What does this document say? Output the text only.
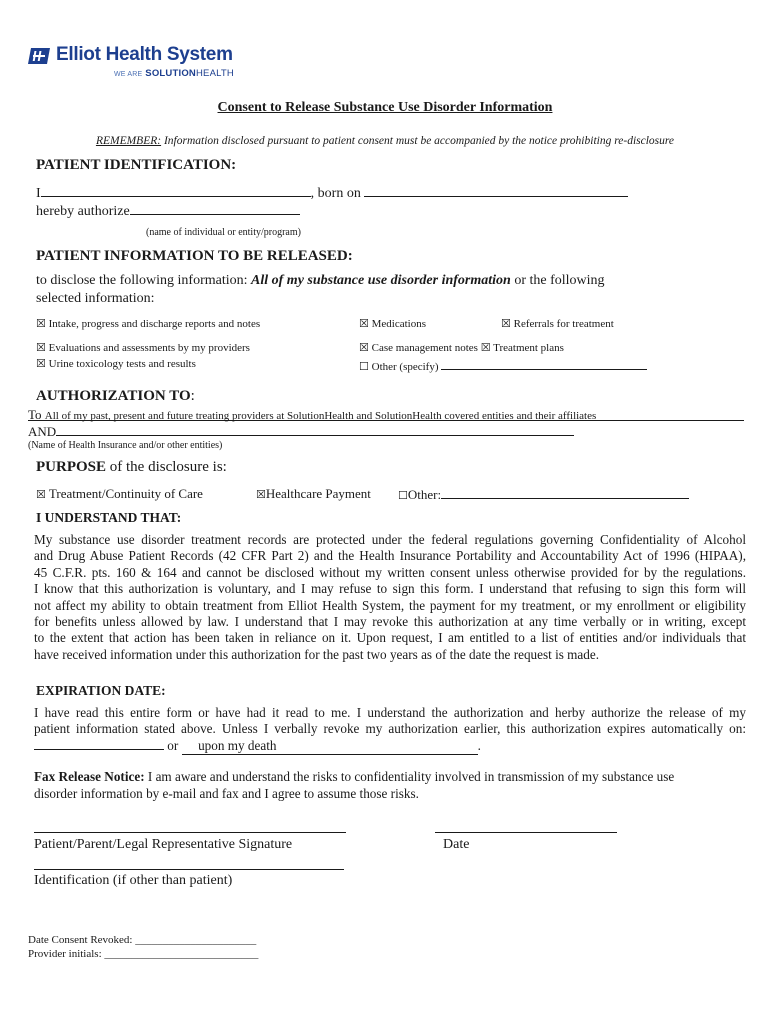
Elliot Health System
WE ARE SOLUTIONHEALTH
Consent to Release Substance Use Disorder Information
REMEMBER: Information disclosed pursuant to patient consent must be accompanied by the notice prohibiting re-disclosure
PATIENT IDENTIFICATION:
I	, born on
hereby authorize
(name of individual or entity/program)
PATIENT INFORMATION TO BE RELEASED:
to disclose the following information: All of my substance use disorder information or the following
selected information:
☒ Intake, progress and discharge reports and notes	☒ Medications	☒ Referrals for treatment
☒ Evaluations and assessments by my providers	☒ Case management notes ☒ Treatment plans
☒ Urine toxicology tests and results	☐ Other (specify)
AUTHORIZATION TO:
To All of my past, present and future treating providers at SolutionHealth and SolutionHealth covered entities and their affiliates
AND
(Name of Health Insurance and/or other entities)
PURPOSE of the disclosure is:
☒ Treatment/Continuity of Care	☒Healthcare Payment ☐Other:
I UNDERSTAND THAT:
My substance use disorder treatment records are protected under the federal regulations governing Confidentiality of Alcohol
and Drug Abuse Patient Records (42 CFR Part 2) and the Health Insurance Portability and Accountability Act of 1996 (HIPAA),
45 C.F.R. pts. 160 & 164 and cannot be disclosed without my written consent unless otherwise provided for by the regulations.
I know that this authorization is voluntary, and I may refuse to sign this form. I understand that refusing to sign this form will
not affect my ability to obtain treatment from Elliot Health System, the payment for my treatment, or my enrollment or eligibility
for benefits unless allowed by law. I understand that I may revoke this authorization at any time verbally or in writing, except
to the extent that action has been taken in reliance on it. Upon request, I am entitled to a list of entities and/or individuals that
have received information under this authorization for the past two years as of the date the request is made.
EXPIRATION DATE:
I have read this entire form or have had it read to me. I understand the authorization and herby authorize the release of my
patient information stated above. Unless I verbally revoke my authorization earlier, this authorization expires automatically on:
or      upon my death	.
Fax Release Notice: I am aware and understand the risks to confidentiality involved in transmission of my substance use
disorder information by e-mail and fax and I agree to assume those risks.
Patient/Parent/Legal Representative Signature	Date
Identification (if other than patient)
Date Consent Revoked: ______________________
Provider initials: ____________________________
